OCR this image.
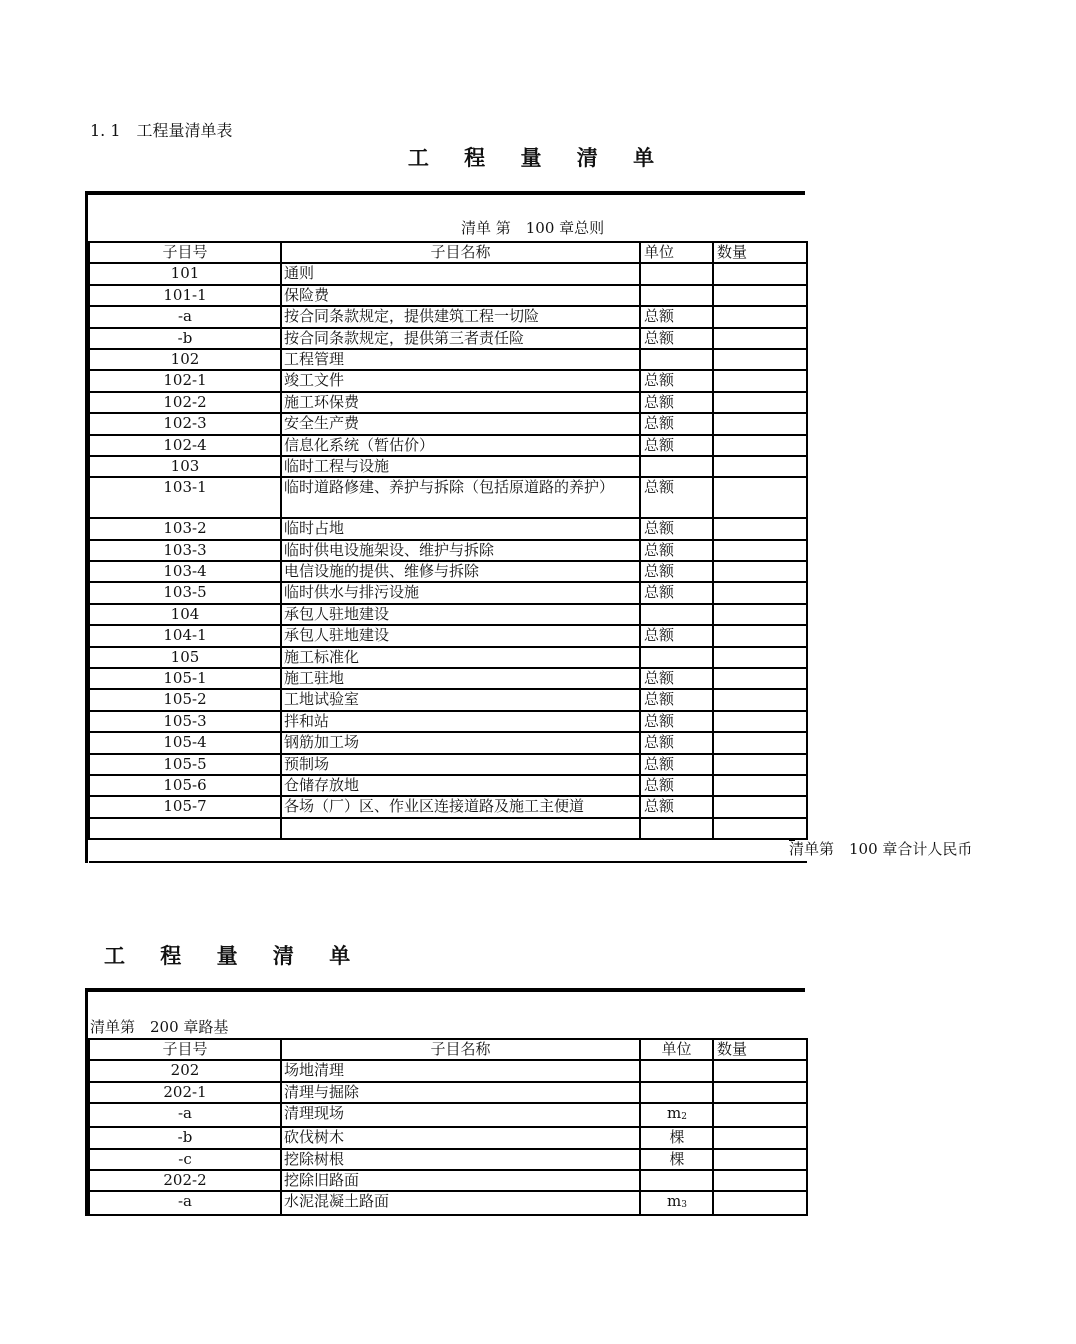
1. 1　工程量清单表
工 程 量 清 单
清单 第　100 章总则
子目号	子目名称	单位	数量
101	通则		
101-1	保险费		
-a	按合同条款规定，提供建筑工程一切险	总额	
-b	按合同条款规定，提供第三者责任险	总额	
102	工程管理		
102-1	竣工文件	总额	
102-2	施工环保费	总额	
102-3	安全生产费	总额	
102-4	信息化系统（暂估价）	总额	
103	临时工程与设施		
103-1	临时道路修建、养护与拆除（包括原道路的养护）	总额	
103-2	临时占地	总额	
103-3	临时供电设施架设、维护与拆除	总额	
103-4	电信设施的提供、维修与拆除	总额	
103-5	临时供水与排污设施	总额	
104	承包人驻地建设		
104-1	承包人驻地建设	总额	
105	施工标准化		
105-1	施工驻地	总额	
105-2	工地试验室	总额	
105-3	拌和站	总额	
105-4	钢筋加工场	总额	
105-5	预制场	总额	
105-6	仓储存放地	总额	
105-7	各场（厂）区、作业区连接道路及施工主便道	总额	

清单第　100 章合计人民币			
工 程 量 清 单
清单第　200 章路基
子目号	子目名称	单位	数量
202	场地清理		
202-1	清理与掘除		
-a	清理现场	$m_2$	
-b	砍伐树木	棵	
-c	挖除树根	棵	
202-2	挖除旧路面		
-a	水泥混凝土路面	$m_3$	
